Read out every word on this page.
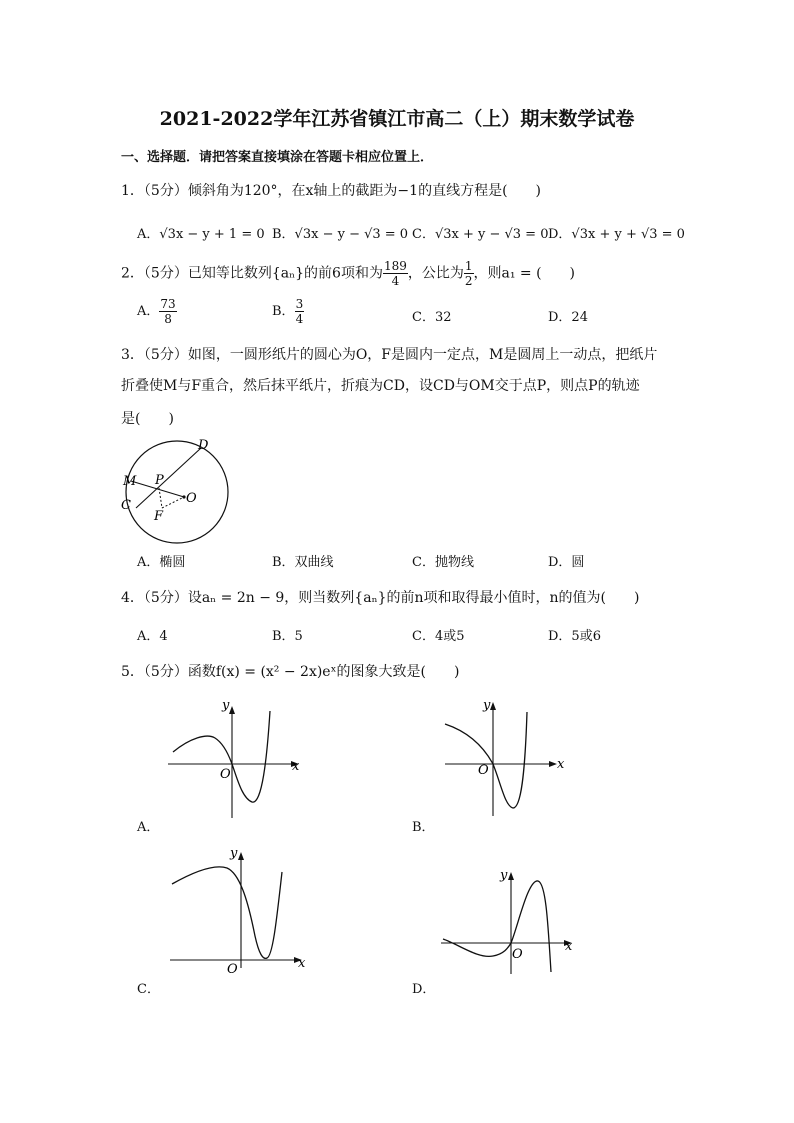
2021-2022学年江苏省镇江市高二（上）期末数学试卷
一、选择题．请把答案直接填涂在答题卡相应位置上．
1．（5分）倾斜角为120°，在x轴上的截距为−1的直线方程是(　　)
A．√3x − y + 1 = 0 B．√3x − y − √3 = 0 C．√3x + y − √3 = 0 D．√3x + y + √3 = 0
2．（5分）已知等比数列{aₙ}的前6项和为 $\frac{189}{4}$ ，公比为 $\frac{1}{2}$ ，则a₁ = (　　)
A． $\frac{73}{8}$	B． $\frac{3}{4}$	C．32	D．24
3．（5分）如图，一圆形纸片的圆心为O，F是圆内一定点，M是圆周上一动点，把纸片
折叠使M与F重合，然后抹平纸片，折痕为CD，设CD与OM交于点P，则点P的轨迹
是(　　)
D
M P
O
C
F
A．椭圆	B．双曲线	C．抛物线	D．圆
4．（5分）设aₙ = 2n − 9，则当数列{aₙ}的前n项和取得最小值时，n的值为(　　)
A．4	B．5	C．4或5	D．5或6
5．（5分）函数f(x) = (x² − 2x)eˣ的图象大致是(　　)
y
x
O
A．
y
x
O
B．
y
x
O
C．
y
x
O
D．
